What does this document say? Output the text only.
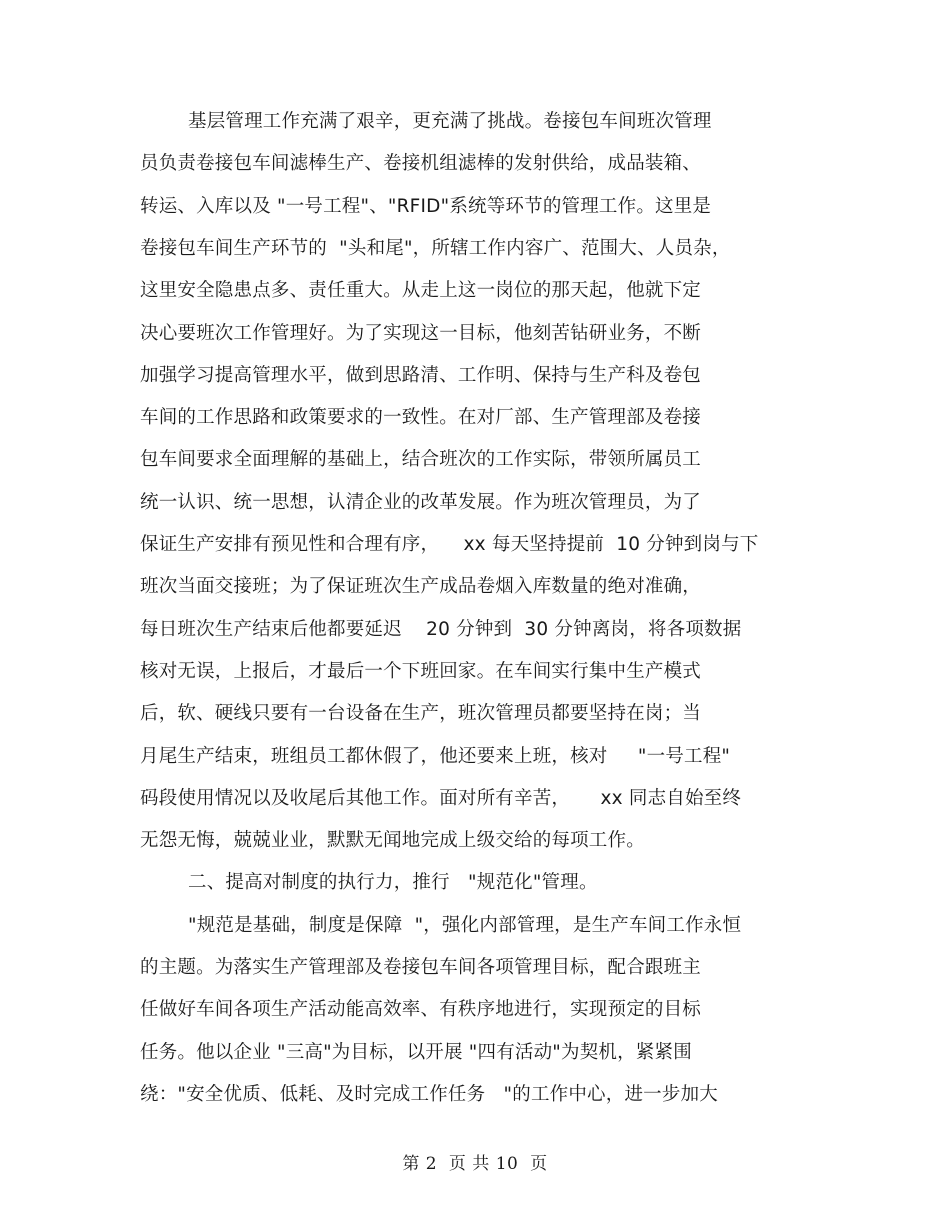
基层管理工作充满了艰辛，更充满了挑战。卷接包车间班次管理
员负责卷接包车间滤棒生产、卷接机组滤棒的发射供给，成品装箱、
转运、入库以及 "一号工程"、"RFID"系统等环节的管理工作。这里是
卷接包车间生产环节的  "头和尾"，所辖工作内容广、范围大、人员杂，
这里安全隐患点多、责任重大。从走上这一岗位的那天起，他就下定
决心要班次工作管理好。为了实现这一目标，他刻苦钻研业务，不断
加强学习提高管理水平，做到思路清、工作明、保持与生产科及卷包
车间的工作思路和政策要求的一致性。在对厂部、生产管理部及卷接
包车间要求全面理解的基础上，结合班次的工作实际，带领所属员工
统一认识、统一思想，认清企业的改革发展。作为班次管理员，为了
保证生产安排有预见性和合理有序，    xx 每天坚持提前  10 分钟到岗与下
班次当面交接班；为了保证班次生产成品卷烟入库数量的绝对准确，
每日班次生产结束后他都要延迟    20 分钟到  30 分钟离岗，将各项数据
核对无误，上报后，才最后一个下班回家。在车间实行集中生产模式
后，软、硬线只要有一台设备在生产，班次管理员都要坚持在岗；当
月尾生产结束，班组员工都休假了，他还要来上班，核对     "一号工程"
码段使用情况以及收尾后其他工作。面对所有辛苦，     xx 同志自始至终
无怨无悔，兢兢业业，默默无闻地完成上级交给的每项工作。
二、提高对制度的执行力，推行   "规范化"管理。
"规范是基础，制度是保障  "，强化内部管理，是生产车间工作永恒
的主题。为落实生产管理部及卷接包车间各项管理目标，配合跟班主
任做好车间各项生产活动能高效率、有秩序地进行，实现预定的目标
任务。他以企业 "三高"为目标，以开展 "四有活动"为契机，紧紧围
绕："安全优质、低耗、及时完成工作任务   "的工作中心，进一步加大
第 2  页 共 10  页
